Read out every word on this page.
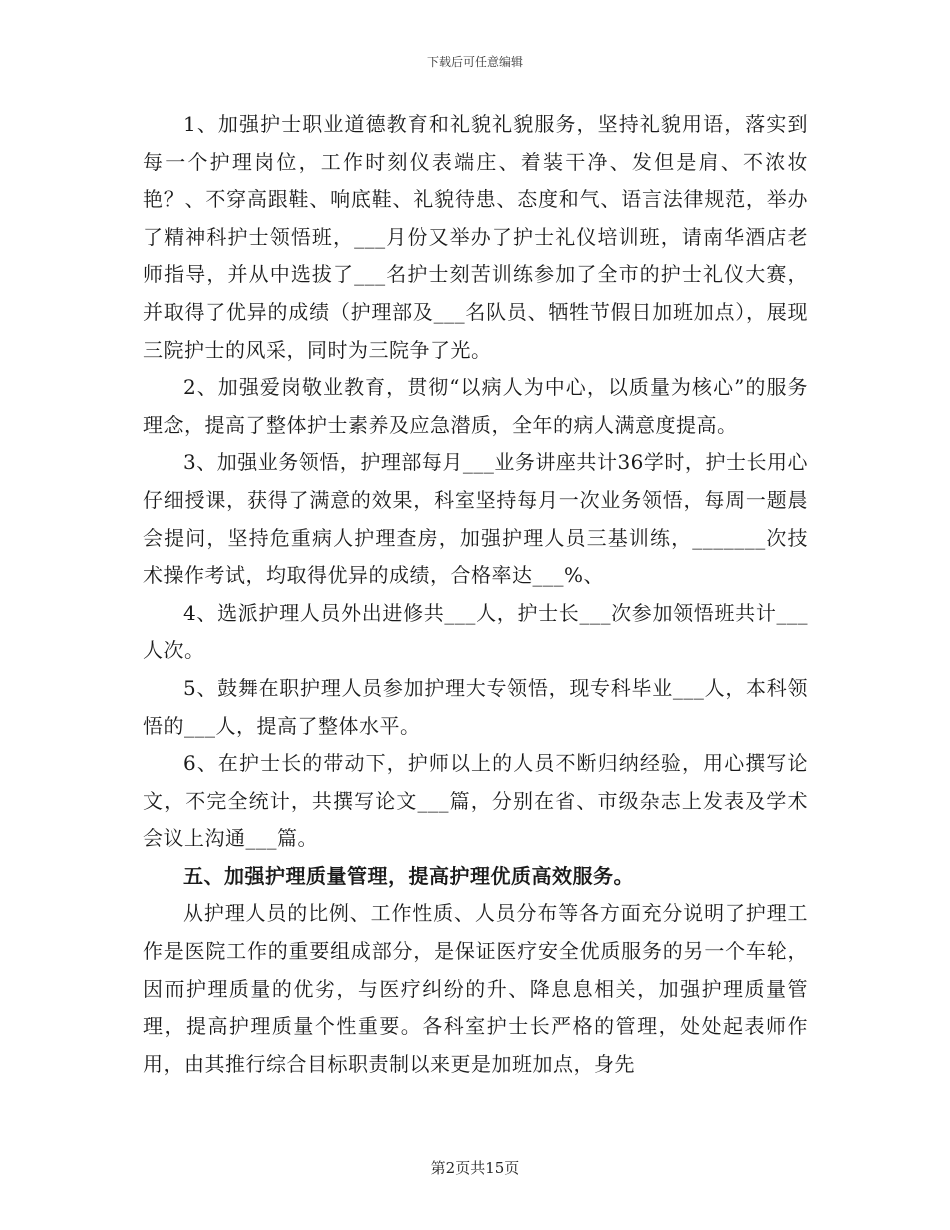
下载后可任意编辑

1、加强护士职业道德教育和礼貌礼貌服务，坚持礼貌用语，落实到每一个护理岗位，工作时刻仪表端庄、着装干净、发但是肩、不浓妆艳？、不穿高跟鞋、响底鞋、礼貌待患、态度和气、语言法律规范，举办了精神科护士领悟班，___月份又举办了护士礼仪培训班，请南华酒店老师指导，并从中选拔了___名护士刻苦训练参加了全市的护士礼仪大赛，并取得了优异的成绩（护理部及___名队员、牺牲节假日加班加点），展现三院护士的风采，同时为三院争了光。

2、加强爱岗敬业教育，贯彻“以病人为中心，以质量为核心”的服务理念，提高了整体护士素养及应急潜质，全年的病人满意度提高。

3、加强业务领悟，护理部每月___业务讲座共计36学时，护士长用心仔细授课，获得了满意的效果，科室坚持每月一次业务领悟，每周一题晨会提问，坚持危重病人护理查房，加强护理人员三基训练，_______次技术操作考试，均取得优异的成绩，合格率达___%、

4、选派护理人员外出进修共___人，护士长___次参加领悟班共计___人次。

5、鼓舞在职护理人员参加护理大专领悟，现专科毕业___人，本科领悟的___人，提高了整体水平。

6、在护士长的带动下，护师以上的人员不断归纳经验，用心撰写论文，不完全统计，共撰写论文___篇，分别在省、市级杂志上发表及学术会议上沟通___篇。

五、加强护理质量管理，提高护理优质高效服务。

从护理人员的比例、工作性质、人员分布等各方面充分说明了护理工作是医院工作的重要组成部分，是保证医疗安全优质服务的另一个车轮，因而护理质量的优劣，与医疗纠纷的升、降息息相关，加强护理质量管理，提高护理质量个性重要。各科室护士长严格的管理，处处起表师作用，由其推行综合目标职责制以来更是加班加点，身先

第2页共15页
